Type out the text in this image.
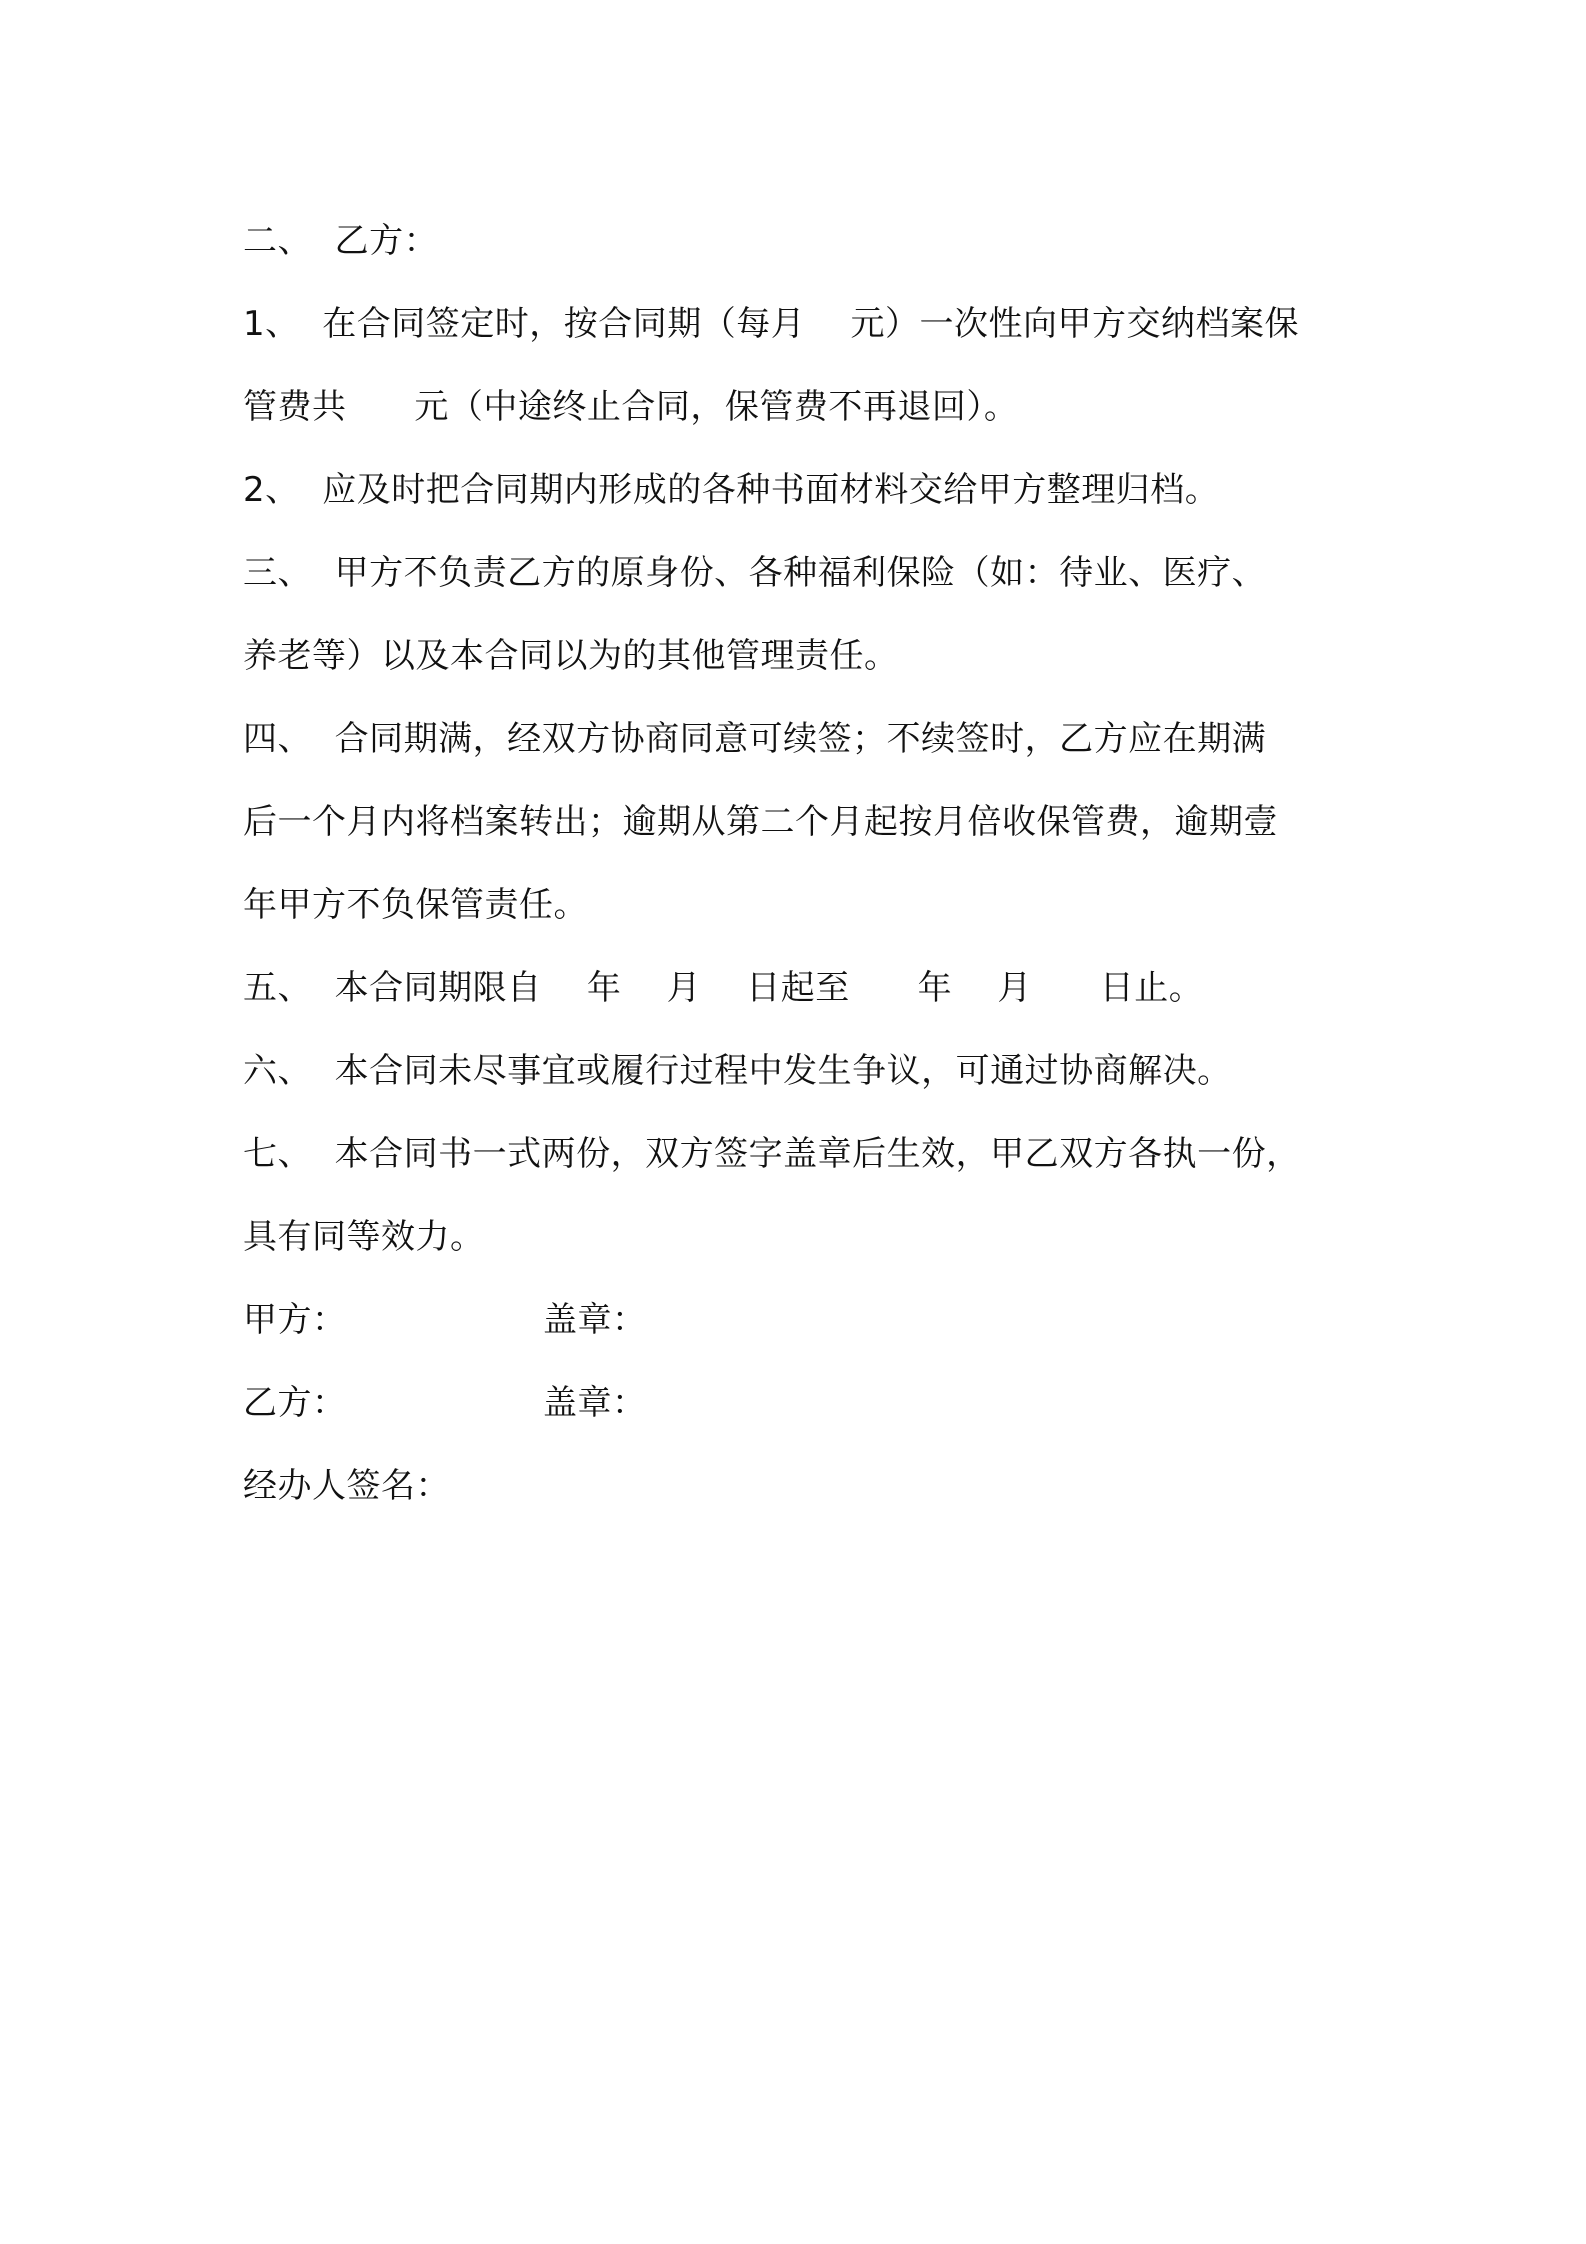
二、  乙方：
1、  在合同签定时，按合同期（每月    元）一次性向甲方交纳档案保
管费共      元（中途终止合同，保管费不再退回）。
2、  应及时把合同期内形成的各种书面材料交给甲方整理归档。
三、  甲方不负责乙方的原身份、各种福利保险（如：待业、医疗、
养老等）以及本合同以为的其他管理责任。
四、  合同期满，经双方协商同意可续签；不续签时，乙方应在期满
后一个月内将档案转出；逾期从第二个月起按月倍收保管费，逾期壹
年甲方不负保管责任。
五、  本合同期限自    年    月    日起至      年    月      日止。
六、  本合同未尽事宜或履行过程中发生争议，可通过协商解决。
七、  本合同书一式两份，双方签字盖章后生效，甲乙双方各执一份，
具有同等效力。
甲方：	盖章：
乙方：	盖章：
经办人签名：
